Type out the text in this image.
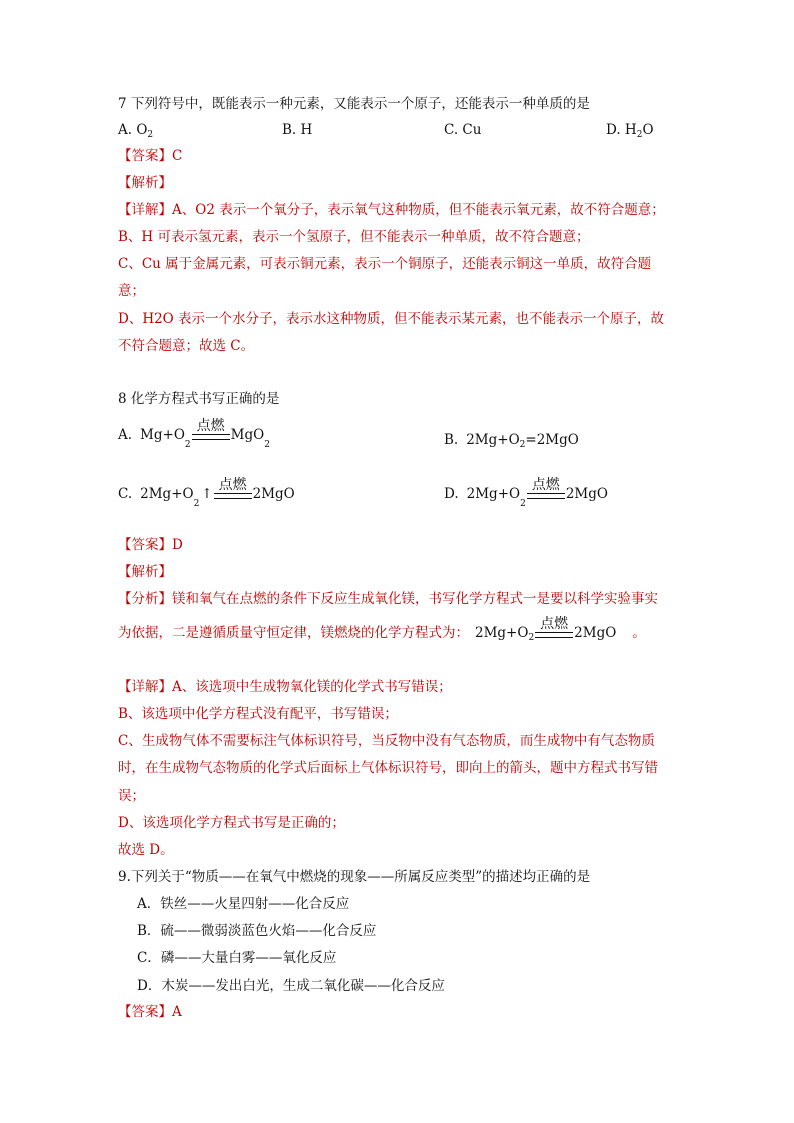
7 下列符号中，既能表示一种元素，又能表示一个原子，还能表示一种单质的是
A. $O_2$	B. H	C. Cu	D. $H_2O$
【答案】C
【解析】
【详解】A、O2 表示一个氧分子，表示氧气这种物质，但不能表示氧元素，故不符合题意；
B、H 可表示氢元素，表示一个氢原子，但不能表示一种单质，故不符合题意；
C、Cu 属于金属元素，可表示铜元素，表示一个铜原子，还能表示铜这一单质，故符合题
意；
D、H2O 表示一个水分子，表示水这种物质，但不能表示某元素，也不能表示一个原子，故
不符合题意；故选 C。
8 化学方程式书写正确的是
A. Mg+O
2
点燃
MgO
2	B. $2Mg+O_2=2MgO$
C. 2Mg+O
2
↑
点燃
2MgO	D. 2Mg+O
2
点燃
2MgO
【答案】D
【解析】
【分析】镁和氧气在点燃的条件下反应生成氧化镁，书写化学方程式一是要以科学实验事实
为依据，二是遵循质量守恒定律，镁燃烧的化学方程式为： $2Mg+O_2$
点燃
2MgO 。
【详解】A、该选项中生成物氧化镁的化学式书写错误；
B、该选项中化学方程式没有配平，书写错误；
C、生成物气体不需要标注气体标识符号，当反物中没有气态物质，而生成物中有气态物质
时，在生成物气态物质的化学式后面标上气体标识符号，即向上的箭头，题中方程式书写错
误；
D、该选项化学方程式书写是正确的；
故选 D。
9.下列关于“物质——在氧气中燃烧的现象——所属反应类型”的描述均正确的是
A．铁丝——火星四射——化合反应
B．硫——微弱淡蓝色火焰——化合反应
C．磷——大量白雾——氧化反应
D．木炭——发出白光，生成二氧化碳——化合反应
【答案】A
